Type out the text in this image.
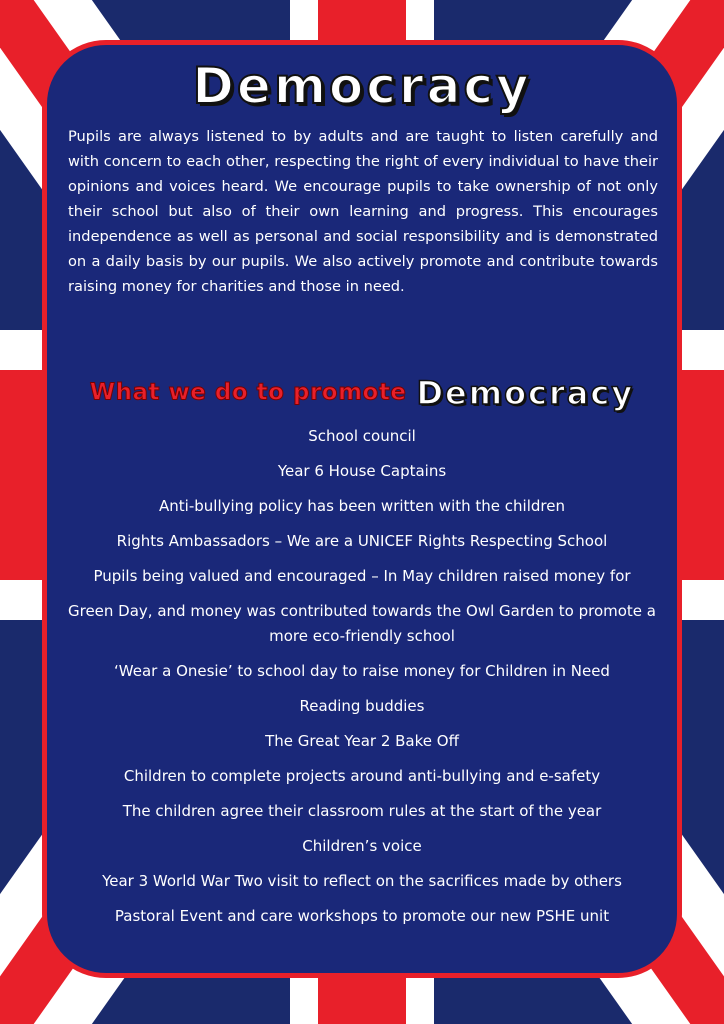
Democracy

Pupils are always listened to by adults and are taught to listen carefully and with concern to each other, respecting the right of every individual to have their opinions and voices heard. We encourage pupils to take ownership of not only their school but also of their own learning and progress. This encourages independence as well as personal and social responsibility and is demonstrated on a daily basis by our pupils. We also actively promote and contribute towards raising money for charities and those in need.

What we do to promote Democracy
School council
Year 6 House Captains
Anti-bullying policy has been written with the children
Rights Ambassadors – We are a UNICEF Rights Respecting School
Pupils being valued and encouraged – In May children raised money for
Green Day, and money was contributed towards the Owl Garden to promote a more eco-friendly school
‘Wear a Onesie’ to school day to raise money for Children in Need
Reading buddies
The Great Year 2 Bake Off
Children to complete projects around anti-bullying and e-safety
The children agree their classroom rules at the start of the year
Children’s voice
Year 3 World War Two visit to reflect on the sacrifices made by others
Pastoral Event and care workshops to promote our new PSHE unit
